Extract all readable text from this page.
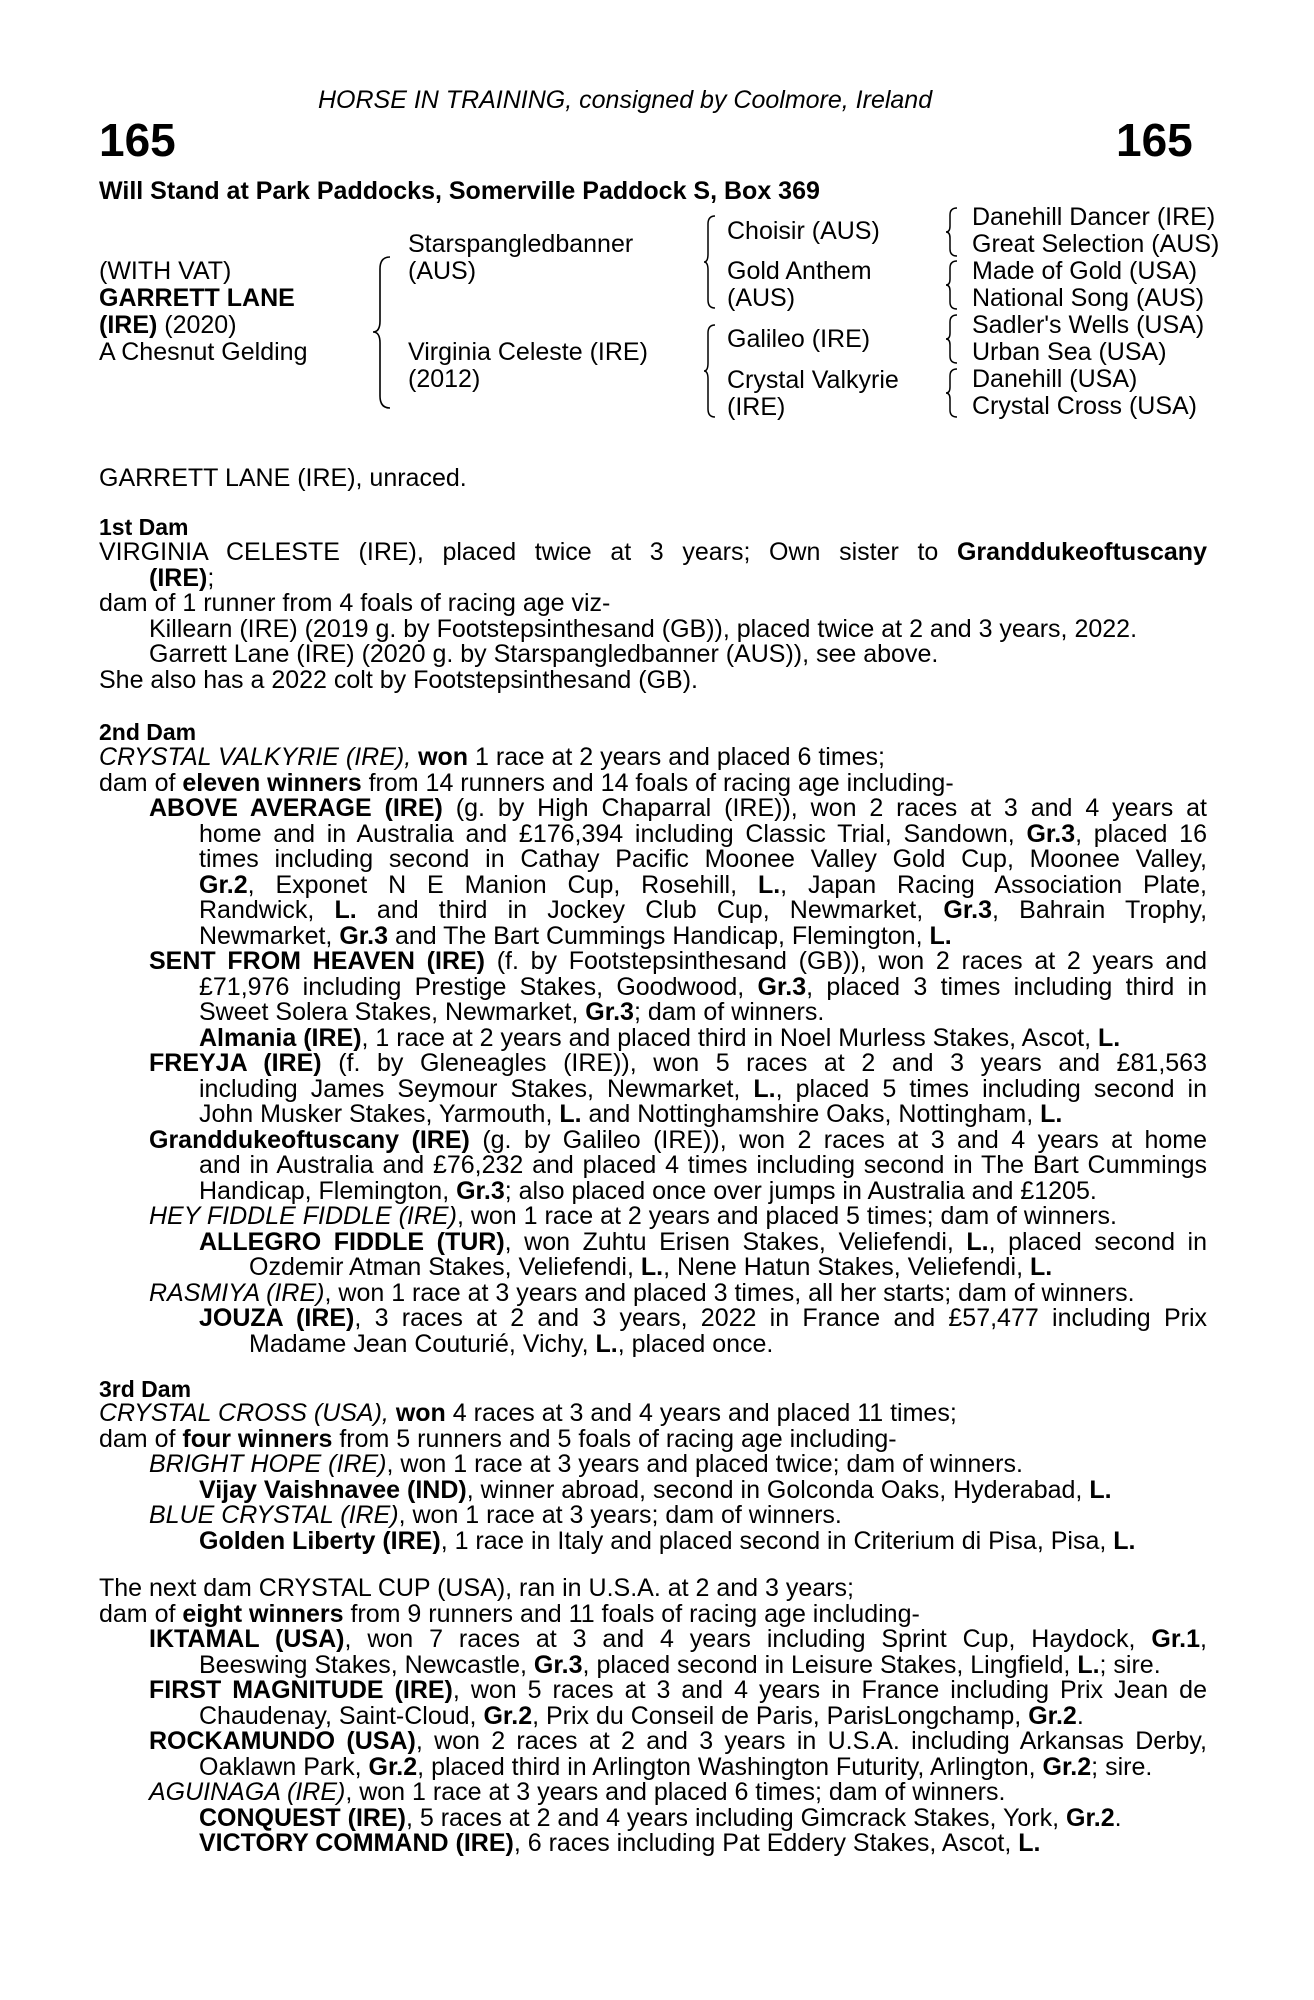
HORSE IN TRAINING, consigned by Coolmore, Ireland
165	165
Will Stand at Park Paddocks, Somerville Paddock S, Box 369
(WITH VAT)
GARRETT LANE
(IRE) (2020)
A Chesnut Gelding
Starspangledbanner
(AUS)
Virginia Celeste (IRE)
(2012)
Choisir (AUS)
Gold Anthem
(AUS)
Galileo (IRE)
Crystal Valkyrie
(IRE)
Danehill Dancer (IRE)
Great Selection (AUS)
Made of Gold (USA)
National Song (AUS)
Sadler's Wells (USA)
Urban Sea (USA)
Danehill (USA)
Crystal Cross (USA)
GARRETT LANE (IRE), unraced.
1st Dam
VIRGINIA CELESTE (IRE), placed twice at 3 years; Own sister to Granddukeoftuscany
(IRE);
dam of 1 runner from 4 foals of racing age viz-
Killearn (IRE) (2019 g. by Footstepsinthesand (GB)), placed twice at 2 and 3 years, 2022.
Garrett Lane (IRE) (2020 g. by Starspangledbanner (AUS)), see above.
She also has a 2022 colt by Footstepsinthesand (GB).
2nd Dam
CRYSTAL VALKYRIE (IRE), won 1 race at 2 years and placed 6 times;
dam of eleven winners from 14 runners and 14 foals of racing age including-
ABOVE AVERAGE (IRE) (g. by High Chaparral (IRE)), won 2 races at 3 and 4 years at
home and in Australia and £176,394 including Classic Trial, Sandown, Gr.3, placed 16
times including second in Cathay Pacific Moonee Valley Gold Cup, Moonee Valley,
Gr.2, Exponet N E Manion Cup, Rosehill, L., Japan Racing Association Plate,
Randwick, L. and third in Jockey Club Cup, Newmarket, Gr.3, Bahrain Trophy,
Newmarket, Gr.3 and The Bart Cummings Handicap, Flemington, L.
SENT FROM HEAVEN (IRE) (f. by Footstepsinthesand (GB)), won 2 races at 2 years and
£71,976 including Prestige Stakes, Goodwood, Gr.3, placed 3 times including third in
Sweet Solera Stakes, Newmarket, Gr.3; dam of winners.
Almania (IRE), 1 race at 2 years and placed third in Noel Murless Stakes, Ascot, L.
FREYJA (IRE) (f. by Gleneagles (IRE)), won 5 races at 2 and 3 years and £81,563
including James Seymour Stakes, Newmarket, L., placed 5 times including second in
John Musker Stakes, Yarmouth, L. and Nottinghamshire Oaks, Nottingham, L.
Granddukeoftuscany (IRE) (g. by Galileo (IRE)), won 2 races at 3 and 4 years at home
and in Australia and £76,232 and placed 4 times including second in The Bart Cummings
Handicap, Flemington, Gr.3; also placed once over jumps in Australia and £1205.
HEY FIDDLE FIDDLE (IRE), won 1 race at 2 years and placed 5 times; dam of winners.
ALLEGRO FIDDLE (TUR), won Zuhtu Erisen Stakes, Veliefendi, L., placed second in
Ozdemir Atman Stakes, Veliefendi, L., Nene Hatun Stakes, Veliefendi, L.
RASMIYA (IRE), won 1 race at 3 years and placed 3 times, all her starts; dam of winners.
JOUZA (IRE), 3 races at 2 and 3 years, 2022 in France and £57,477 including Prix
Madame Jean Couturié, Vichy, L., placed once.
3rd Dam
CRYSTAL CROSS (USA), won 4 races at 3 and 4 years and placed 11 times;
dam of four winners from 5 runners and 5 foals of racing age including-
BRIGHT HOPE (IRE), won 1 race at 3 years and placed twice; dam of winners.
Vijay Vaishnavee (IND), winner abroad, second in Golconda Oaks, Hyderabad, L.
BLUE CRYSTAL (IRE), won 1 race at 3 years; dam of winners.
Golden Liberty (IRE), 1 race in Italy and placed second in Criterium di Pisa, Pisa, L.
The next dam CRYSTAL CUP (USA), ran in U.S.A. at 2 and 3 years;
dam of eight winners from 9 runners and 11 foals of racing age including-
IKTAMAL (USA), won 7 races at 3 and 4 years including Sprint Cup, Haydock, Gr.1,
Beeswing Stakes, Newcastle, Gr.3, placed second in Leisure Stakes, Lingfield, L.; sire.
FIRST MAGNITUDE (IRE), won 5 races at 3 and 4 years in France including Prix Jean de
Chaudenay, Saint-Cloud, Gr.2, Prix du Conseil de Paris, ParisLongchamp, Gr.2.
ROCKAMUNDO (USA), won 2 races at 2 and 3 years in U.S.A. including Arkansas Derby,
Oaklawn Park, Gr.2, placed third in Arlington Washington Futurity, Arlington, Gr.2; sire.
AGUINAGA (IRE), won 1 race at 3 years and placed 6 times; dam of winners.
CONQUEST (IRE), 5 races at 2 and 4 years including Gimcrack Stakes, York, Gr.2.
VICTORY COMMAND (IRE), 6 races including Pat Eddery Stakes, Ascot, L.
